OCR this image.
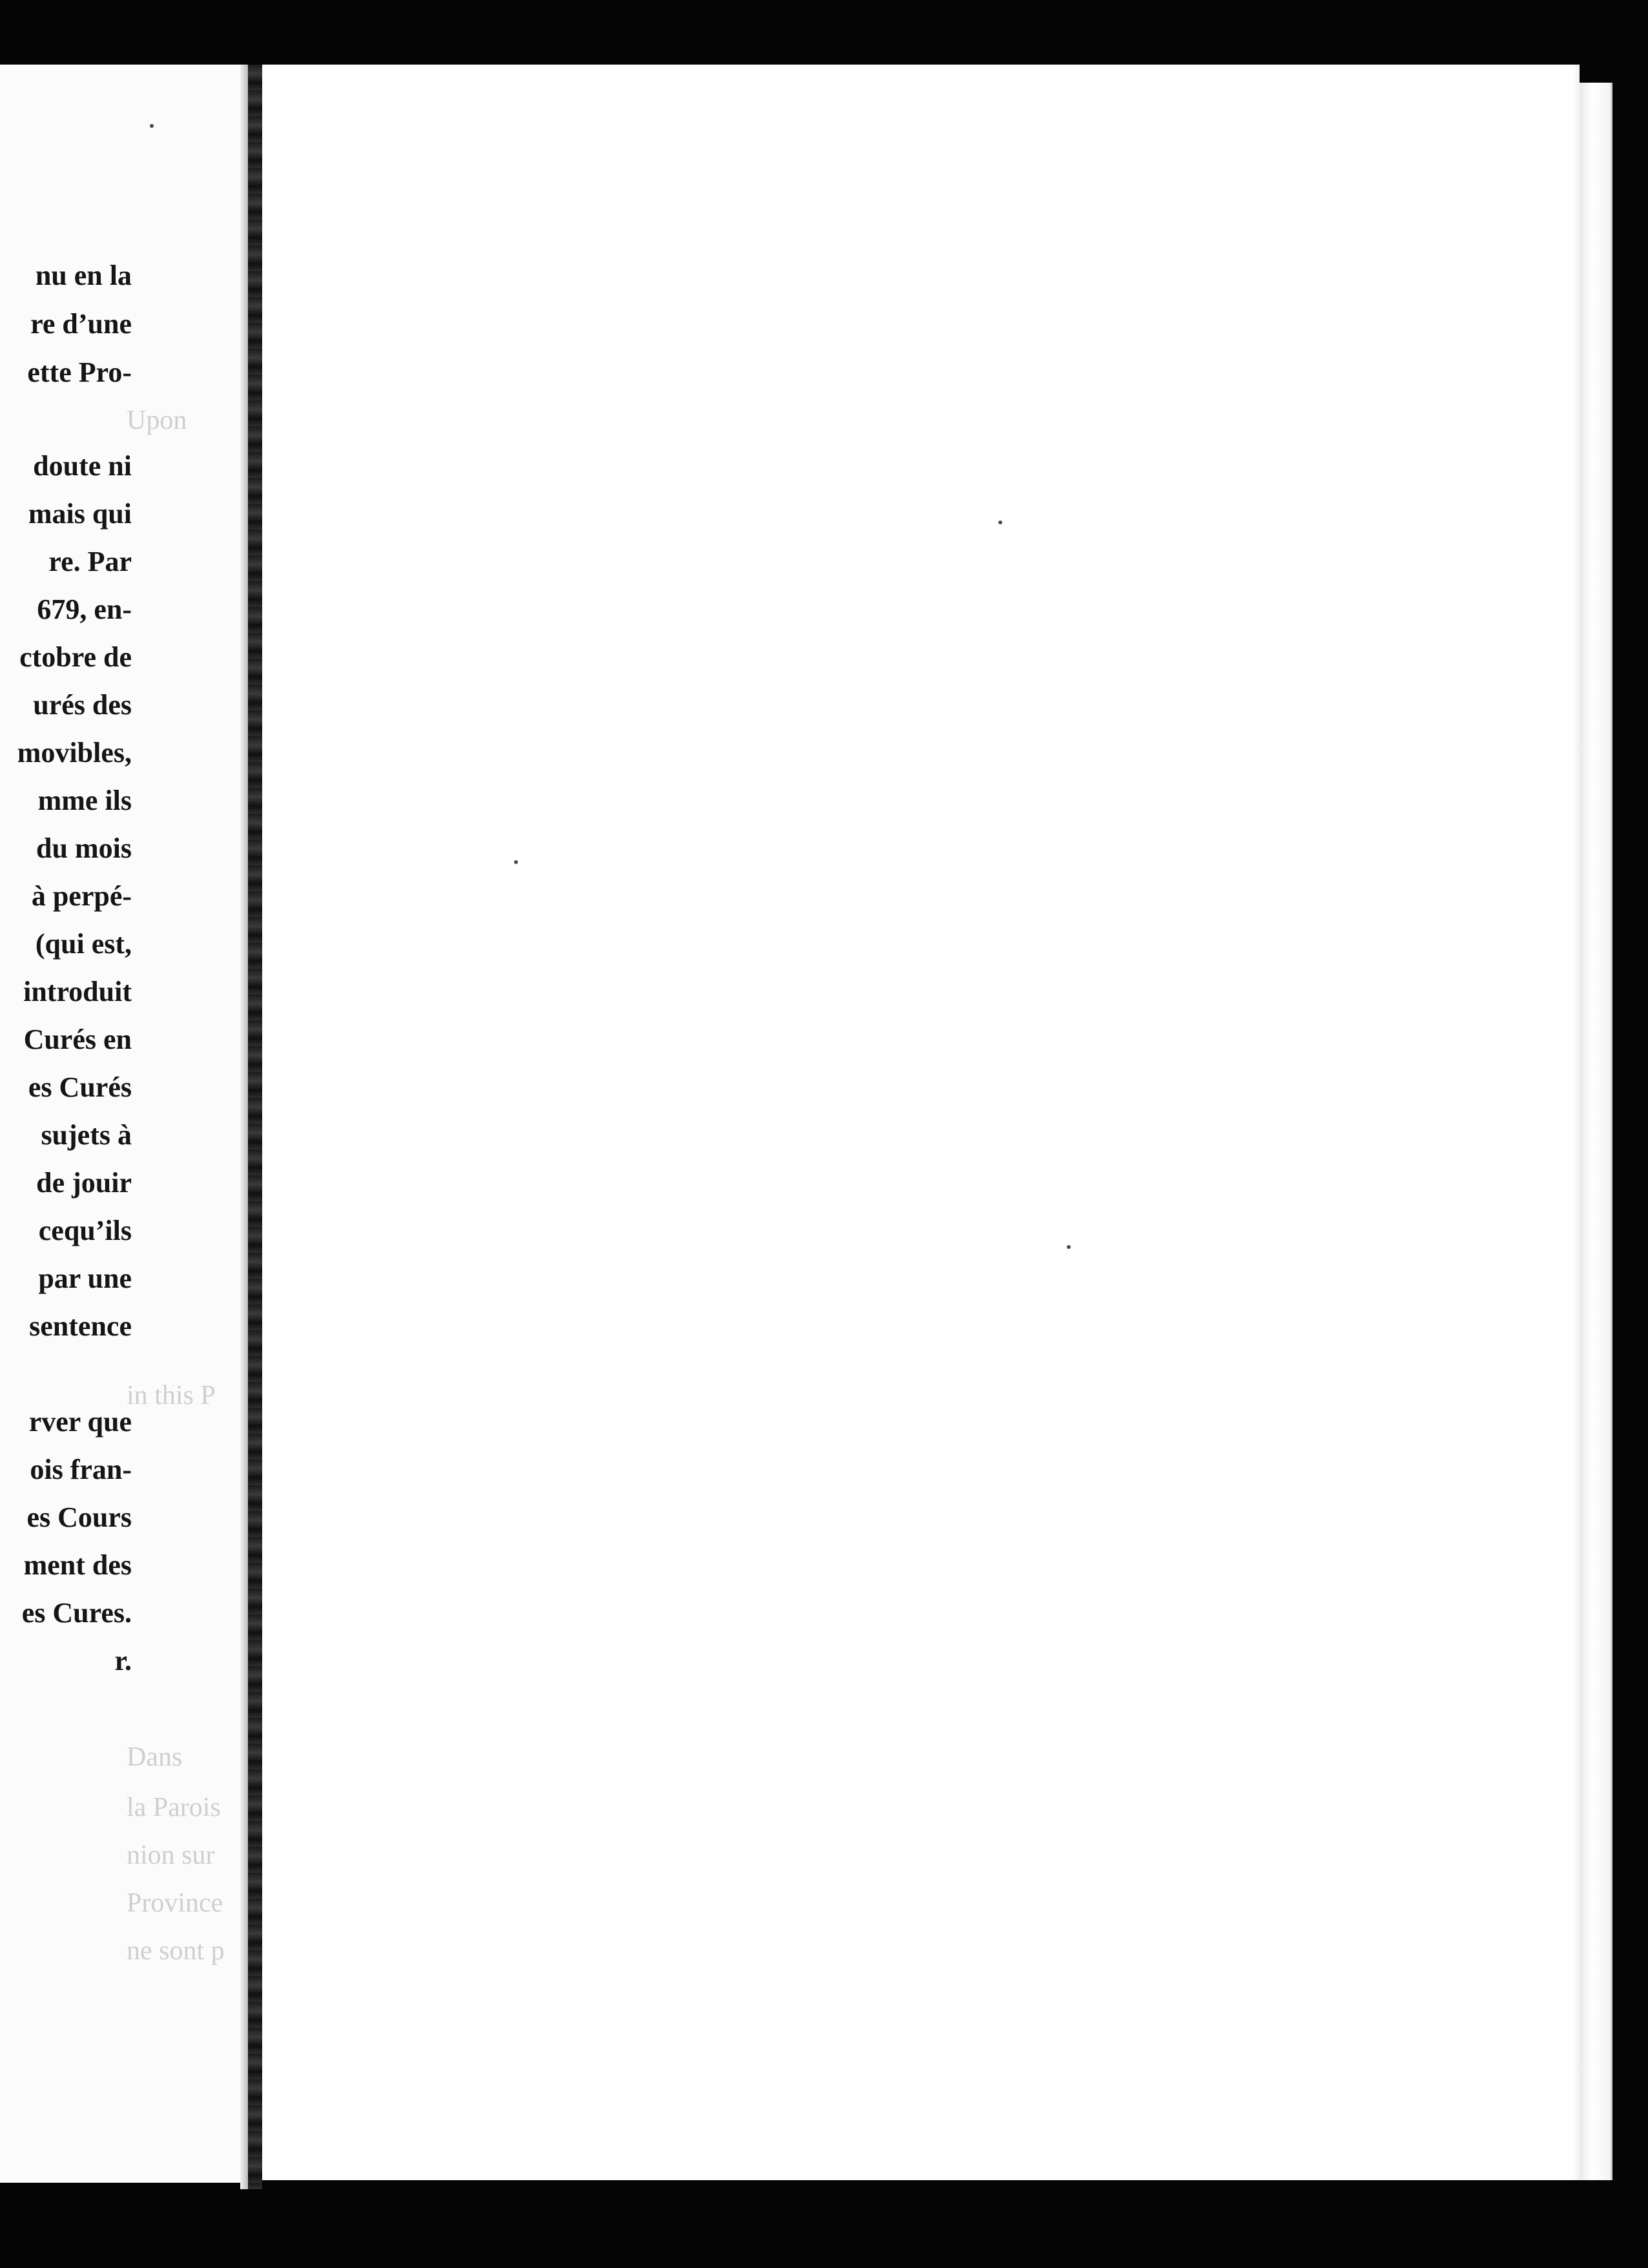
Upon
in this P
Dans
la Parois
nion sur
Province
ne sont p
nu en la
re d’une
ette Pro-
doute ni
mais qui
re. Par
679, en-
ctobre de
urés des
movibles,
mme ils
du mois
à perpé-
(qui est,
introduit
Curés en
es Curés
sujets à
de jouir
cequ’ils
par une
sentence
rver que
ois fran-
es Cours
ment des
es Cures.
r.
